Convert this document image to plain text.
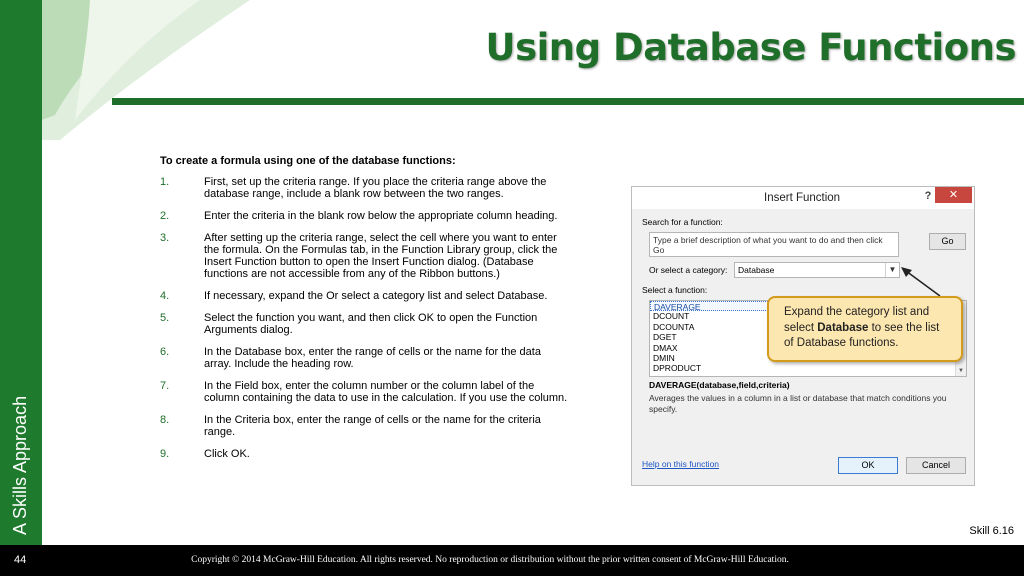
A Skills Approach
Using Database Functions
To create a formula using one of the database functions:
1.	First, set up the criteria range. If you place the criteria range above the database range, include a blank row between the two ranges.
2.	Enter the criteria in the blank row below the appropriate column heading.
3.	After setting up the criteria range, select the cell where you want to enter the formula. On the Formulas tab, in the Function Library group, click the Insert Function button to open the Insert Function dialog. (Database functions are not accessible from any of the Ribbon buttons.)
4.	If necessary, expand the Or select a category list and select Database.
5.	Select the function you want, and then click OK to open the Function Arguments dialog.
6.	In the Database box, enter the range of cells or the name for the data array. Include the heading row.
7.	In the Field box, enter the column number or the column label of the column containing the data to use in the calculation. If you use the column.
8.	In the Criteria box, enter the range of cells or the name for the criteria range.
9.	Click OK.
Insert Function	?	✕
Search for a function:
Type a brief description of what you want to do and then click Go
Go
Or select a category:	Database	▼
Select a function:
DAVERAGE
DCOUNT
DCOUNTA
DGET
DMAX
DMIN
DPRODUCT	▼
DAVERAGE(database,field,criteria)
Averages the values in a column in a list or database that match conditions you specify.
Help on this function	OK	Cancel
Expand the category list and select Database to see the list of Database functions.
Skill 6.16
44	Copyright © 2014 McGraw-Hill Education. All rights reserved. No reproduction or distribution without the prior written consent of McGraw-Hill Education.
